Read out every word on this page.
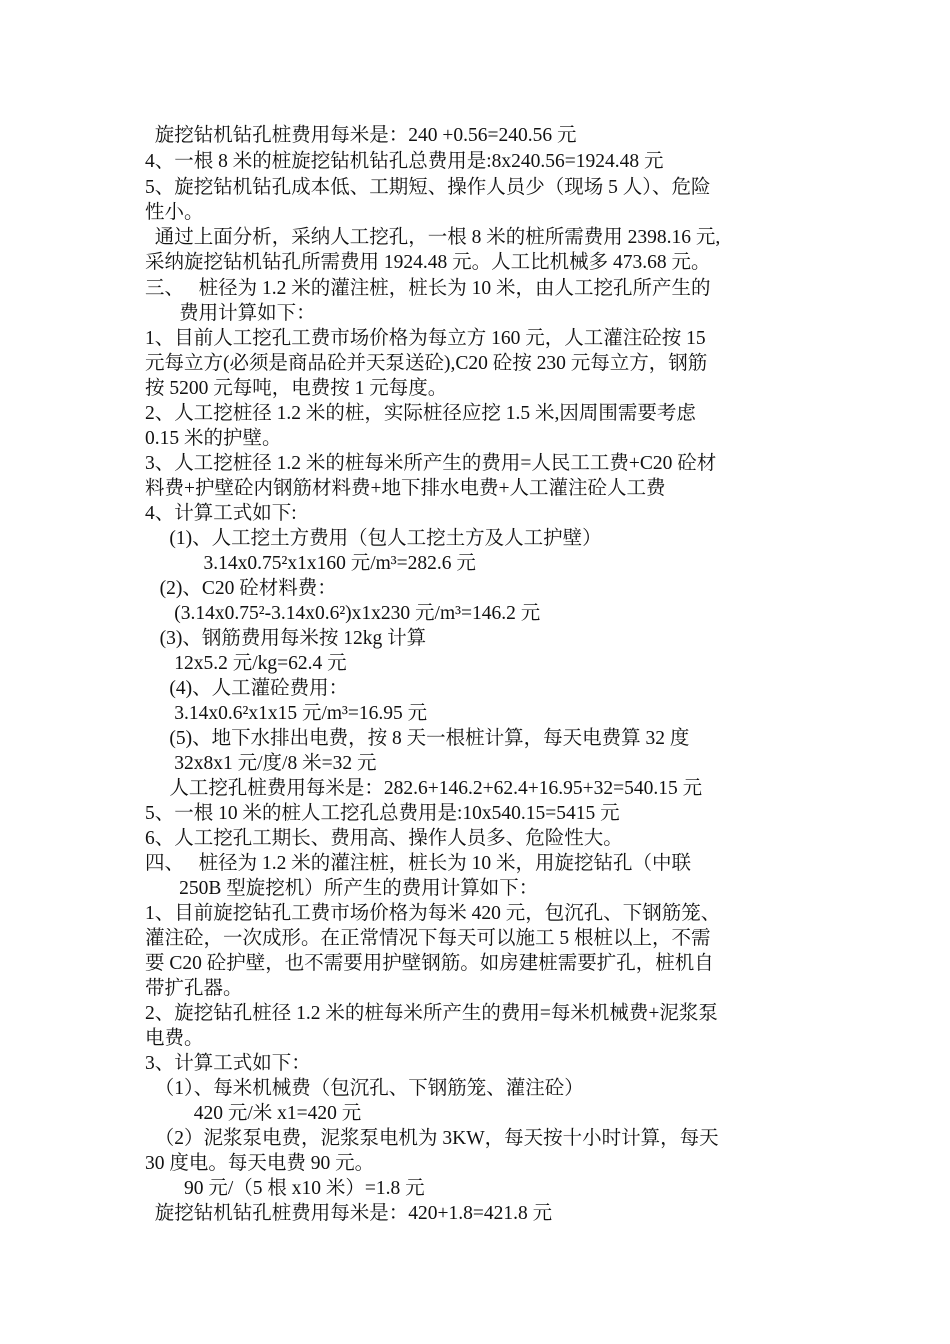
旋挖钻机钻孔桩费用每米是：240 +0.56=240.56 元
4、一根 8 米的桩旋挖钻机钻孔总费用是:8x240.56=1924.48 元
5、旋挖钻机钻孔成本低、工期短、操作人员少（现场 5 人）、危险
性小。
通过上面分析，采纳人工挖孔，一根 8 米的桩所需费用 2398.16 元,
采纳旋挖钻机钻孔所需费用 1924.48 元。人工比机械多 473.68 元。
三、   桩径为 1.2 米的灌注桩，桩长为 10 米，由人工挖孔所产生的
费用计算如下：
1、目前人工挖孔工费市场价格为每立方 160 元，人工灌注砼按 15
元每立方(必须是商品砼并天泵送砼),C20 砼按 230 元每立方，钢筋
按 5200 元每吨，电费按 1 元每度。
2、人工挖桩径 1.2 米的桩，实际桩径应挖 1.5 米,因周围需要考虑
0.15 米的护壁。
3、人工挖桩径 1.2 米的桩每米所产生的费用=人民工工费+C20 砼材
料费+护壁砼内钢筋材料费+地下排水电费+人工灌注砼人工费
4、计算工式如下:
(1)、人工挖土方费用（包人工挖土方及人工护壁）
3.14x0.75²x1x160 元/m³=282.6 元
(2)、C20 砼材料费：
(3.14x0.75²-3.14x0.6²)x1x230 元/m³=146.2 元
(3)、钢筋费用每米按 12kg 计算
12x5.2 元/kg=62.4 元
(4)、人工灌砼费用：
3.14x0.6²x1x15 元/m³=16.95 元
(5)、地下水排出电费，按 8 天一根桩计算，每天电费算 32 度
32x8x1 元/度/8 米=32 元
人工挖孔桩费用每米是：282.6+146.2+62.4+16.95+32=540.15 元
5、一根 10 米的桩人工挖孔总费用是:10x540.15=5415 元
6、人工挖孔工期长、费用高、操作人员多、危险性大。
四、   桩径为 1.2 米的灌注桩，桩长为 10 米，用旋挖钻孔（中联
250B 型旋挖机）所产生的费用计算如下：
1、目前旋挖钻孔工费市场价格为每米 420 元，包沉孔、下钢筋笼、
灌注砼，一次成形。在正常情况下每天可以施工 5 根桩以上，不需
要 C20 砼护壁，也不需要用护壁钢筋。如房建桩需要扩孔，桩机自
带扩孔器。
2、旋挖钻孔桩径 1.2 米的桩每米所产生的费用=每米机械费+泥浆泵
电费。
3、计算工式如下：
（1）、每米机械费（包沉孔、下钢筋笼、灌注砼）
420 元/米 x1=420 元
（2）泥浆泵电费，泥浆泵电机为 3KW，每天按十小时计算，每天
30 度电。每天电费 90 元。
90 元/（5 根 x10 米）=1.8 元
旋挖钻机钻孔桩费用每米是：420+1.8=421.8 元
